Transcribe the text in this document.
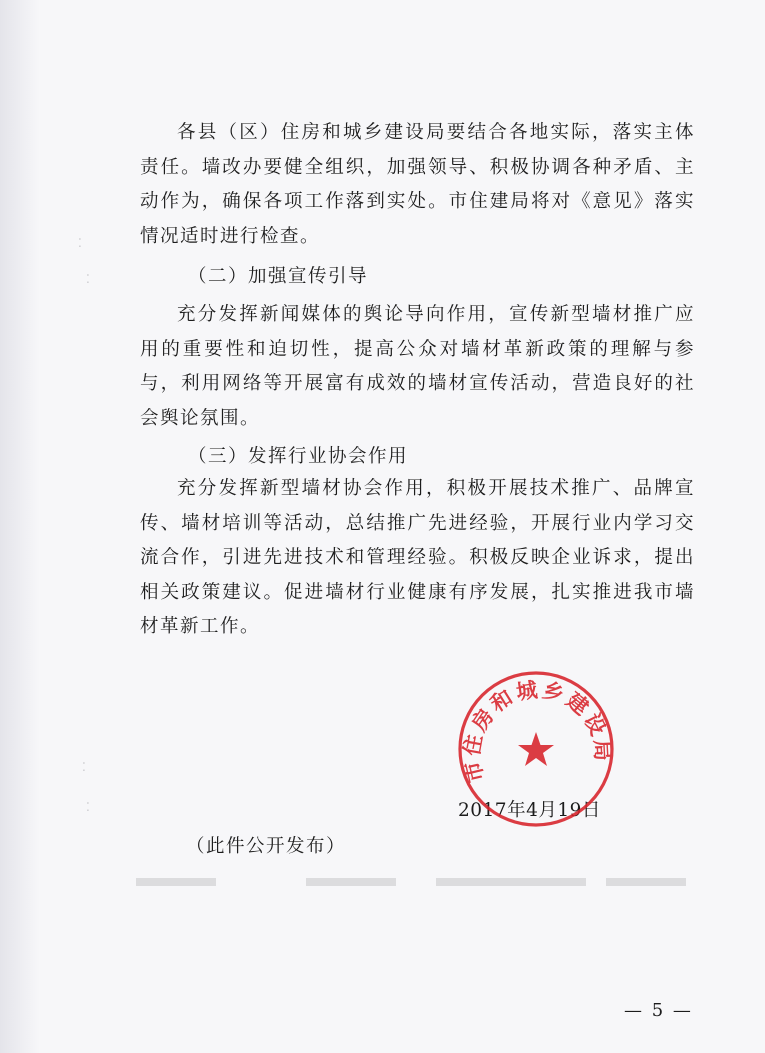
⁚
⁚
⁚
⁚

各县（区）住房和城乡建设局要结合各地实际，落实主体责任。墙改办要健全组织，加强领导、积极协调各种矛盾、主动作为，确保各项工作落到实处。市住建局将对《意见》落实情况适时进行检查。

（二）加强宣传引导

充分发挥新闻媒体的舆论导向作用，宣传新型墙材推广应用的重要性和迫切性，提高公众对墙材革新政策的理解与参与，利用网络等开展富有成效的墙材宣传活动，营造良好的社会舆论氛围。

（三）发挥行业协会作用

充分发挥新型墙材协会作用，积极开展技术推广、品牌宣传、墙材培训等活动，总结推广先进经验，开展行业内学习交流合作，引进先进技术和管理经验。积极反映企业诉求，提出相关政策建议。促进墙材行业健康有序发展，扎实推进我市墙材革新工作。

市住房和城乡建设局
2017年4月19日
（此件公开发布）
— 5 —
